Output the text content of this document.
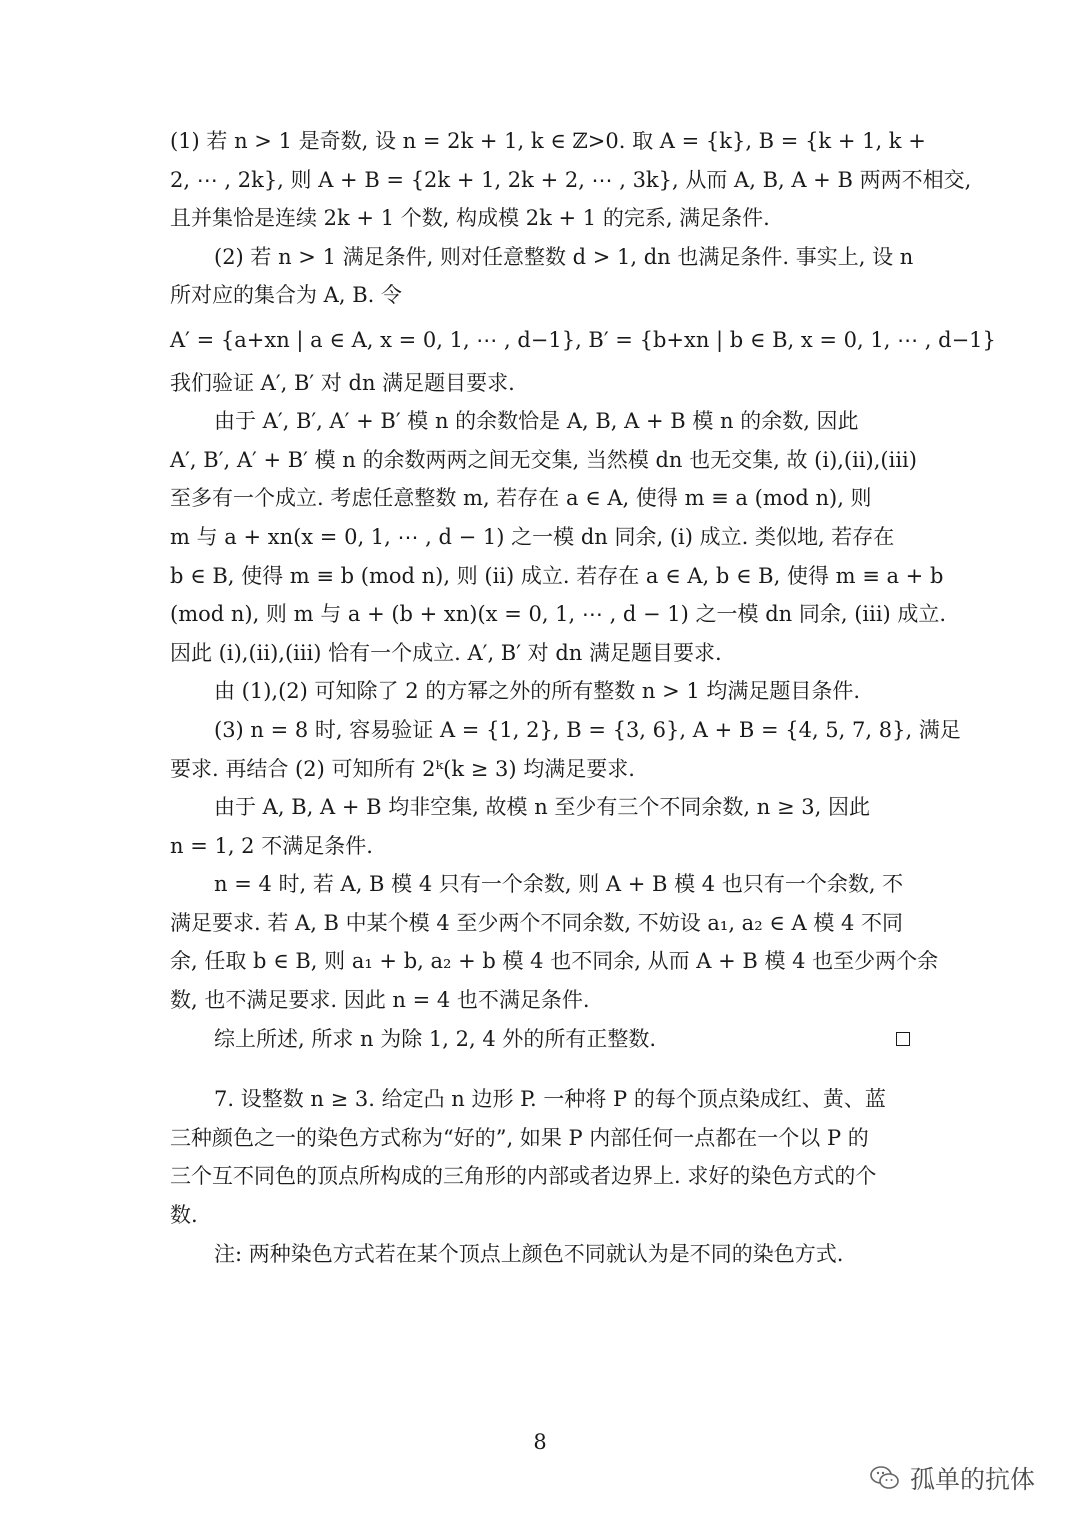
(1) 若 n > 1 是奇数, 设 n = 2k + 1, k ∈ ℤ>0. 取 A = {k}, B = {k + 1, k +
2, ⋯ , 2k}, 则 A + B = {2k + 1, 2k + 2, ⋯ , 3k}, 从而 A, B, A + B 两两不相交,
且并集恰是连续 2k + 1 个数, 构成模 2k + 1 的完系, 满足条件.
(2) 若 n > 1 满足条件, 则对任意整数 d > 1, dn 也满足条件. 事实上, 设 n
所对应的集合为 A, B. 令
A′ = {a+xn | a ∈ A, x = 0, 1, ⋯ , d−1}, B′ = {b+xn | b ∈ B, x = 0, 1, ⋯ , d−1}
我们验证 A′, B′ 对 dn 满足题目要求.
由于 A′, B′, A′ + B′ 模 n 的余数恰是 A, B, A + B 模 n 的余数, 因此
A′, B′, A′ + B′ 模 n 的余数两两之间无交集, 当然模 dn 也无交集, 故 (i),(ii),(iii)
至多有一个成立. 考虑任意整数 m, 若存在 a ∈ A, 使得 m ≡ a (mod n), 则
m 与 a + xn(x = 0, 1, ⋯ , d − 1) 之一模 dn 同余, (i) 成立. 类似地, 若存在
b ∈ B, 使得 m ≡ b (mod n), 则 (ii) 成立. 若存在 a ∈ A, b ∈ B, 使得 m ≡ a + b
(mod n), 则 m 与 a + (b + xn)(x = 0, 1, ⋯ , d − 1) 之一模 dn 同余, (iii) 成立.
因此 (i),(ii),(iii) 恰有一个成立. A′, B′ 对 dn 满足题目要求.
由 (1),(2) 可知除了 2 的方幂之外的所有整数 n > 1 均满足题目条件.
(3) n = 8 时, 容易验证 A = {1, 2}, B = {3, 6}, A + B = {4, 5, 7, 8}, 满足
要求. 再结合 (2) 可知所有 2ᵏ(k ≥ 3) 均满足要求.
由于 A, B, A + B 均非空集, 故模 n 至少有三个不同余数, n ≥ 3, 因此
n = 1, 2 不满足条件.
n = 4 时, 若 A, B 模 4 只有一个余数, 则 A + B 模 4 也只有一个余数, 不
满足要求. 若 A, B 中某个模 4 至少两个不同余数, 不妨设 a₁, a₂ ∈ A 模 4 不同
余, 任取 b ∈ B, 则 a₁ + b, a₂ + b 模 4 也不同余, 从而 A + B 模 4 也至少两个余
数, 也不满足要求. 因此 n = 4 也不满足条件.
综上所述, 所求 n 为除 1, 2, 4 外的所有正整数.
7. 设整数 n ≥ 3. 给定凸 n 边形 P. 一种将 P 的每个顶点染成红、黄、蓝
三种颜色之一的染色方式称为“好的”, 如果 P 内部任何一点都在一个以 P 的
三个互不同色的顶点所构成的三角形的内部或者边界上. 求好的染色方式的个
数.
注: 两种染色方式若在某个顶点上颜色不同就认为是不同的染色方式.
8
孤单的抗体
